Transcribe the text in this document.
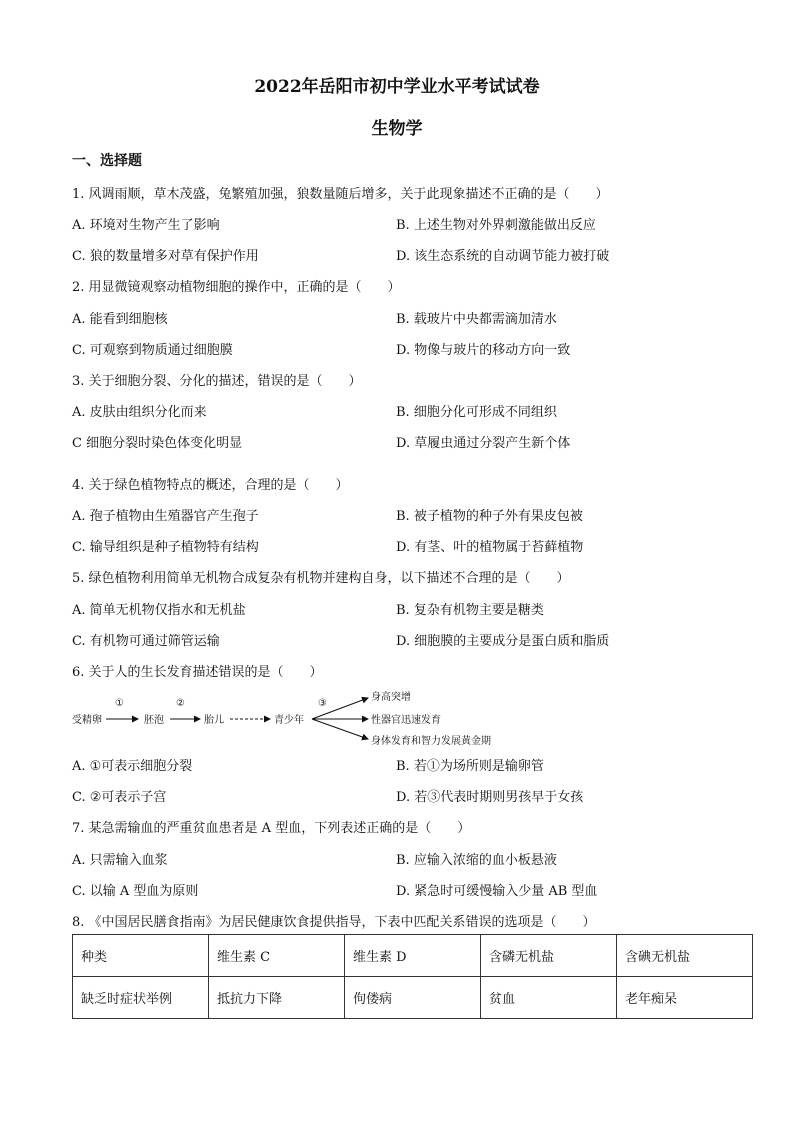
2022年岳阳市初中学业水平考试试卷
生物学
一、选择题
1. 风调雨顺，草木茂盛，兔繁殖加强，狼数量随后增多，关于此现象描述不正确的是（　　）
A. 环境对生物产生了影响	B. 上述生物对外界刺激能做出反应
C. 狼的数量增多对草有保护作用	D. 该生态系统的自动调节能力被打破
2. 用显微镜观察动植物细胞的操作中，正确的是（　　）
A. 能看到细胞核	B. 载玻片中央都需滴加清水
C. 可观察到物质通过细胞膜	D. 物像与玻片的移动方向一致
3. 关于细胞分裂、分化的描述，错误的是（　　）
A. 皮肤由组织分化而来	B. 细胞分化可形成不同组织
C 细胞分裂时染色体变化明显	D. 草履虫通过分裂产生新个体
4. 关于绿色植物特点的概述，合理的是（　　）
A. 孢子植物由生殖器官产生孢子	B. 被子植物的种子外有果皮包被
C. 输导组织是种子植物特有结构	D. 有茎、叶的植物属于苔藓植物
5. 绿色植物利用简单无机物合成复杂有机物并建构自身，以下描述不合理的是（　　）
A. 简单无机物仅指水和无机盐	B. 复杂有机物主要是糖类
C. 有机物可通过筛管运输	D. 细胞膜的主要成分是蛋白质和脂质
6. 关于人的生长发育描述错误的是（　　）
受精卵
①
胚泡
②
胎儿	青少年
③
身高突增
性器官迅速发育
身体发育和智力发展黄金期
A. ①可表示细胞分裂	B. 若①为场所则是输卵管
C. ②可表示子宫	D. 若③代表时期则男孩早于女孩
7. 某急需输血的严重贫血患者是 A 型血，下列表述正确的是（　　）
A. 只需输入血浆	B. 应输入浓缩的血小板悬液
C. 以输 A 型血为原则	D. 紧急时可缓慢输入少量 AB 型血
8. 《中国居民膳食指南》为居民健康饮食提供指导，下表中匹配关系错误的选项是（　　）
种类	维生素 C	维生素 D	含磷无机盐	含碘无机盐
缺乏时症状举例	抵抗力下降	佝偻病	贫血	老年痴呆
